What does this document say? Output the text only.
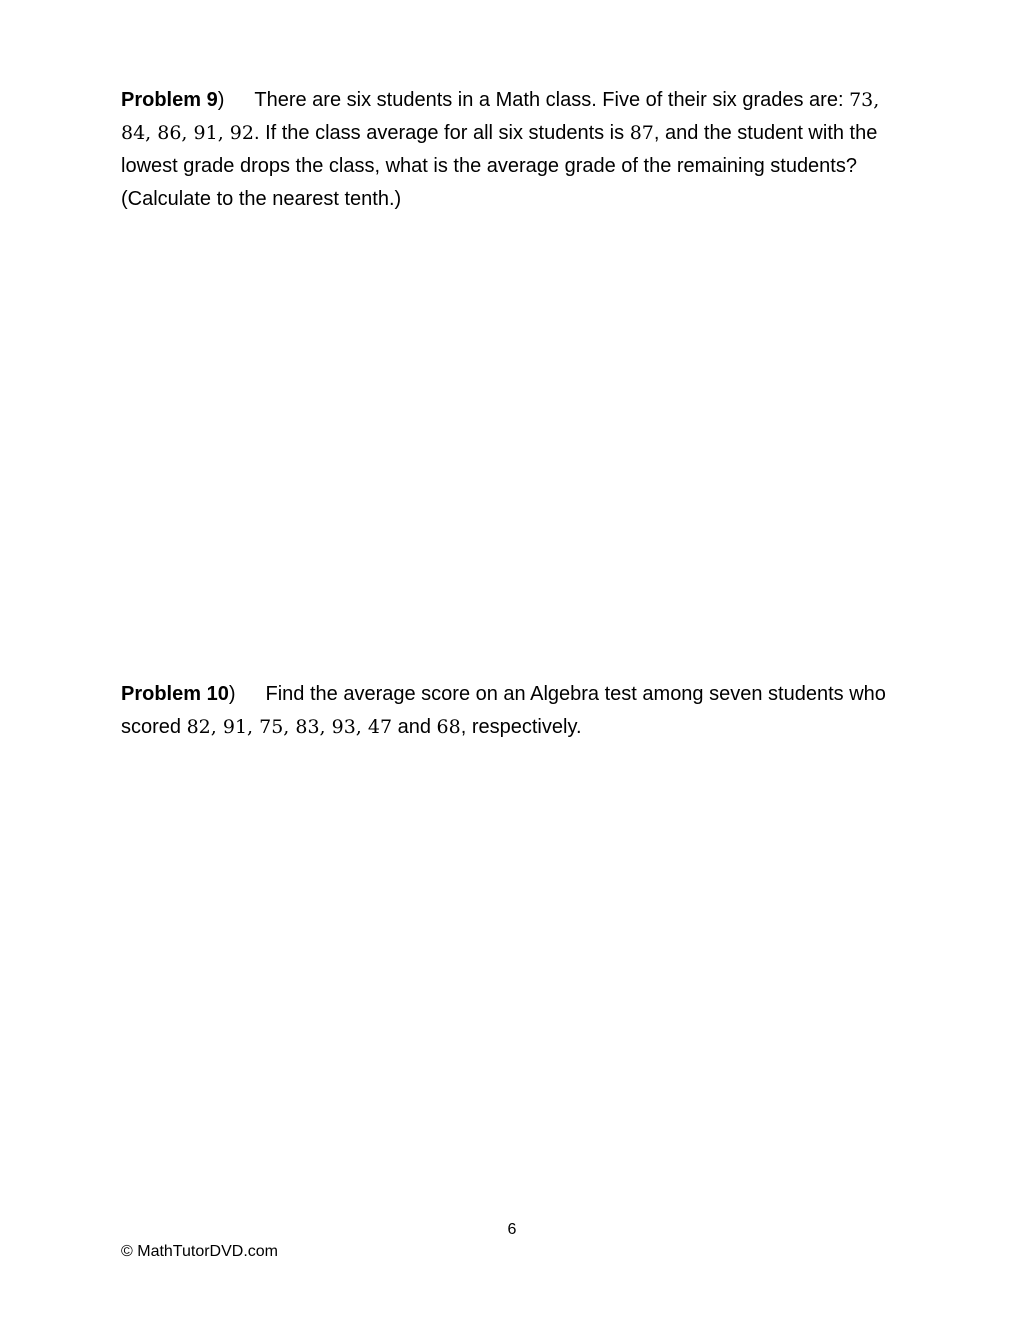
Problem 9) There are six students in a Math class. Five of their six grades are: 73, 84, 86, 91, 92. If the class average for all six students is 87, and the student with the lowest grade drops the class, what is the average grade of the remaining students? (Calculate to the nearest tenth.)
Problem 10) Find the average score on an Algebra test among seven students who scored 82, 91, 75, 83, 93, 47 and 68, respectively.
6
© MathTutorDVD.com
